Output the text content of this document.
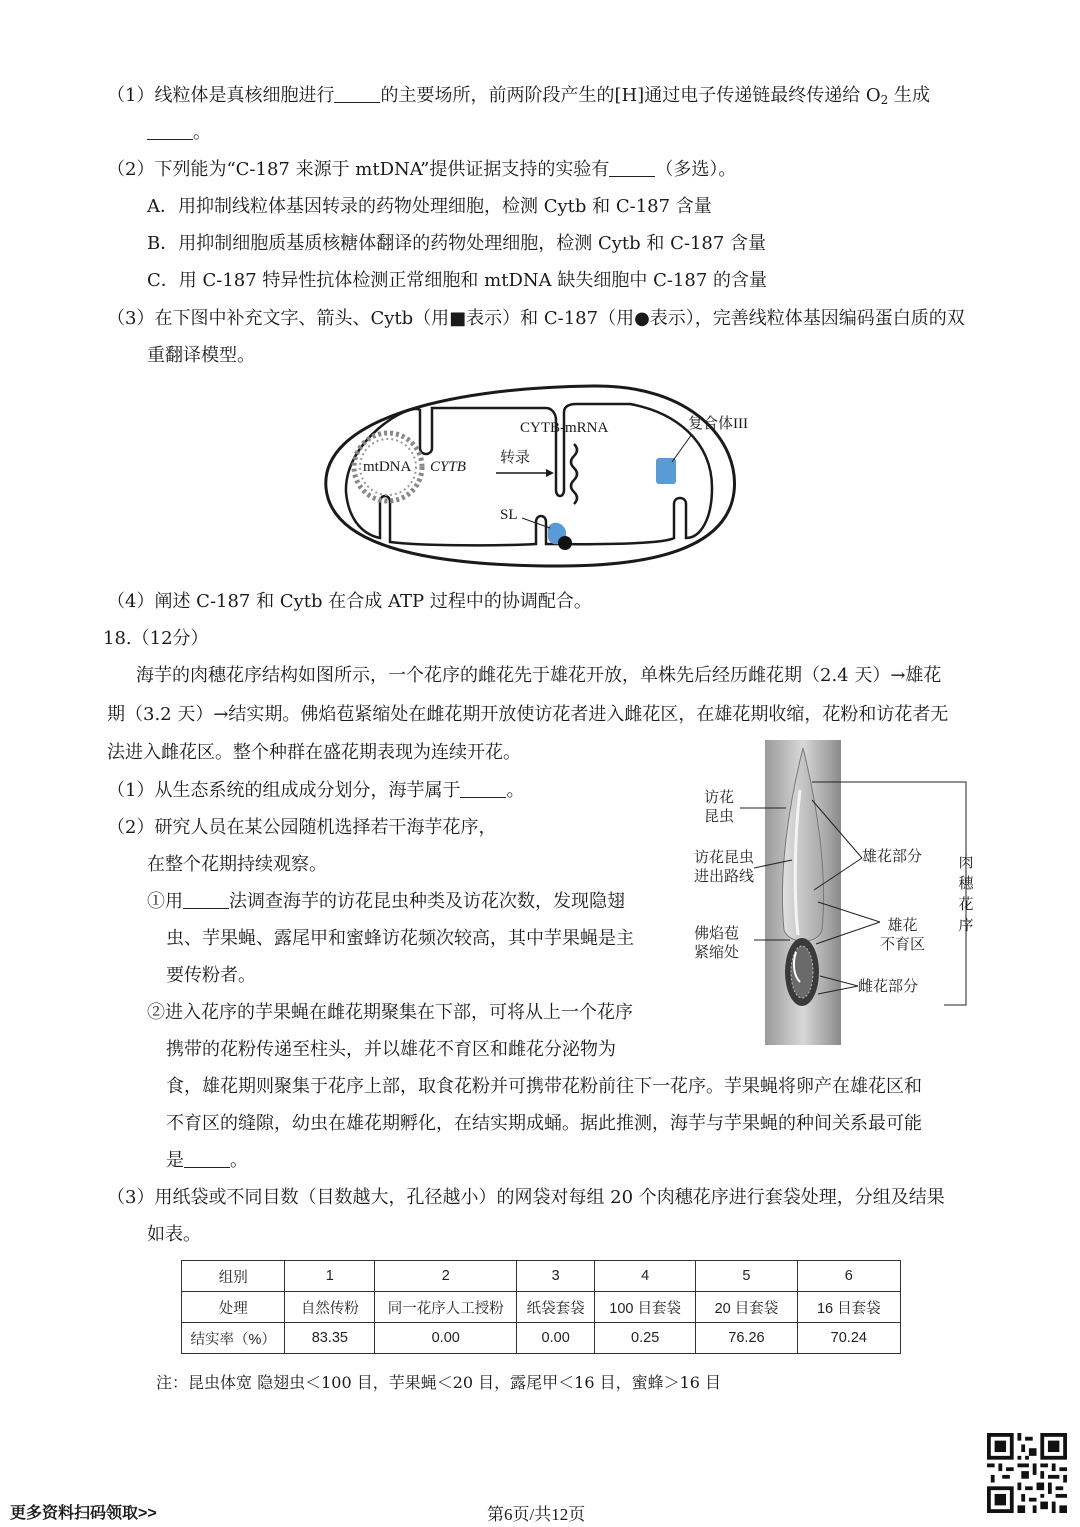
（1）线粒体是真核细胞进行	的主要场所，前两阶段产生的[H]通过电子传递链最终传递给 $O_2$ 生成
。
（2）下列能为“C-187 来源于 mtDNA”提供证据支持的实验有	（多选）。
A．用抑制线粒体基因转录的药物处理细胞，检测 Cytb 和 C-187 含量
B．用抑制细胞质基质核糖体翻译的药物处理细胞，检测 Cytb 和 C-187 含量
C．用 C-187 特异性抗体检测正常细胞和 mtDNA 缺失细胞中 C-187 的含量
（3）在下图中补充文字、箭头、Cytb（用■表示）和 C-187（用●表示），完善线粒体基因编码蛋白质的双
重翻译模型。
mtDNA CYTB
转录
CYTB-mRNA	复合体III
SL
（4）阐述 C-187 和 Cytb 在合成 ATP 过程中的协调配合。
18.（12分）
海芋的肉穗花序结构如图所示，一个花序的雌花先于雄花开放，单株先后经历雌花期（2.4 天）→雄花
期（3.2 天）→结实期。佛焰苞紧缩处在雌花期开放使访花者进入雌花区，在雄花期收缩，花粉和访花者无
法进入雌花区。整个种群在盛花期表现为连续开花。
（1）从生态系统的组成成分划分，海芋属于	。
（2）研究人员在某公园随机选择若干海芋花序，
在整个花期持续观察。
①用	法调查海芋的访花昆虫种类及访花次数，发现隐翅
虫、芋果蝇、露尾甲和蜜蜂访花频次较高，其中芋果蝇是主
要传粉者。
②进入花序的芋果蝇在雌花期聚集在下部，可将从上一个花序
携带的花粉传递至柱头，并以雄花不育区和雌花分泌物为
食，雄花期则聚集于花序上部，取食花粉并可携带花粉前往下一花序。芋果蝇将卵产在雄花区和
不育区的缝隙，幼虫在雄花期孵化，在结实期成蛹。据此推测，海芋与芋果蝇的种间关系最可能
是	。
访花
昆虫
访花昆虫
进出路线
佛焰苞
紧缩处
雄花部分
雄花
不育区
雌花部分
肉
穗
花
序
（3）用纸袋或不同目数（目数越大，孔径越小）的网袋对每组 20 个肉穗花序进行套袋处理，分组及结果
如表。
组别	1	2	3	4	5	6
处理	自然传粉	同一花序人工授粉	纸袋套袋	100 目套袋	20 目套袋	16 目套袋
结实率（%）	83.35	0.00	0.00	0.25	76.26	70.24
注：昆虫体宽 隐翅虫＜100 目，芋果蝇＜20 目，露尾甲＜16 目，蜜蜂＞16 目
更多资料扫码领取>>	第6页/共12页
